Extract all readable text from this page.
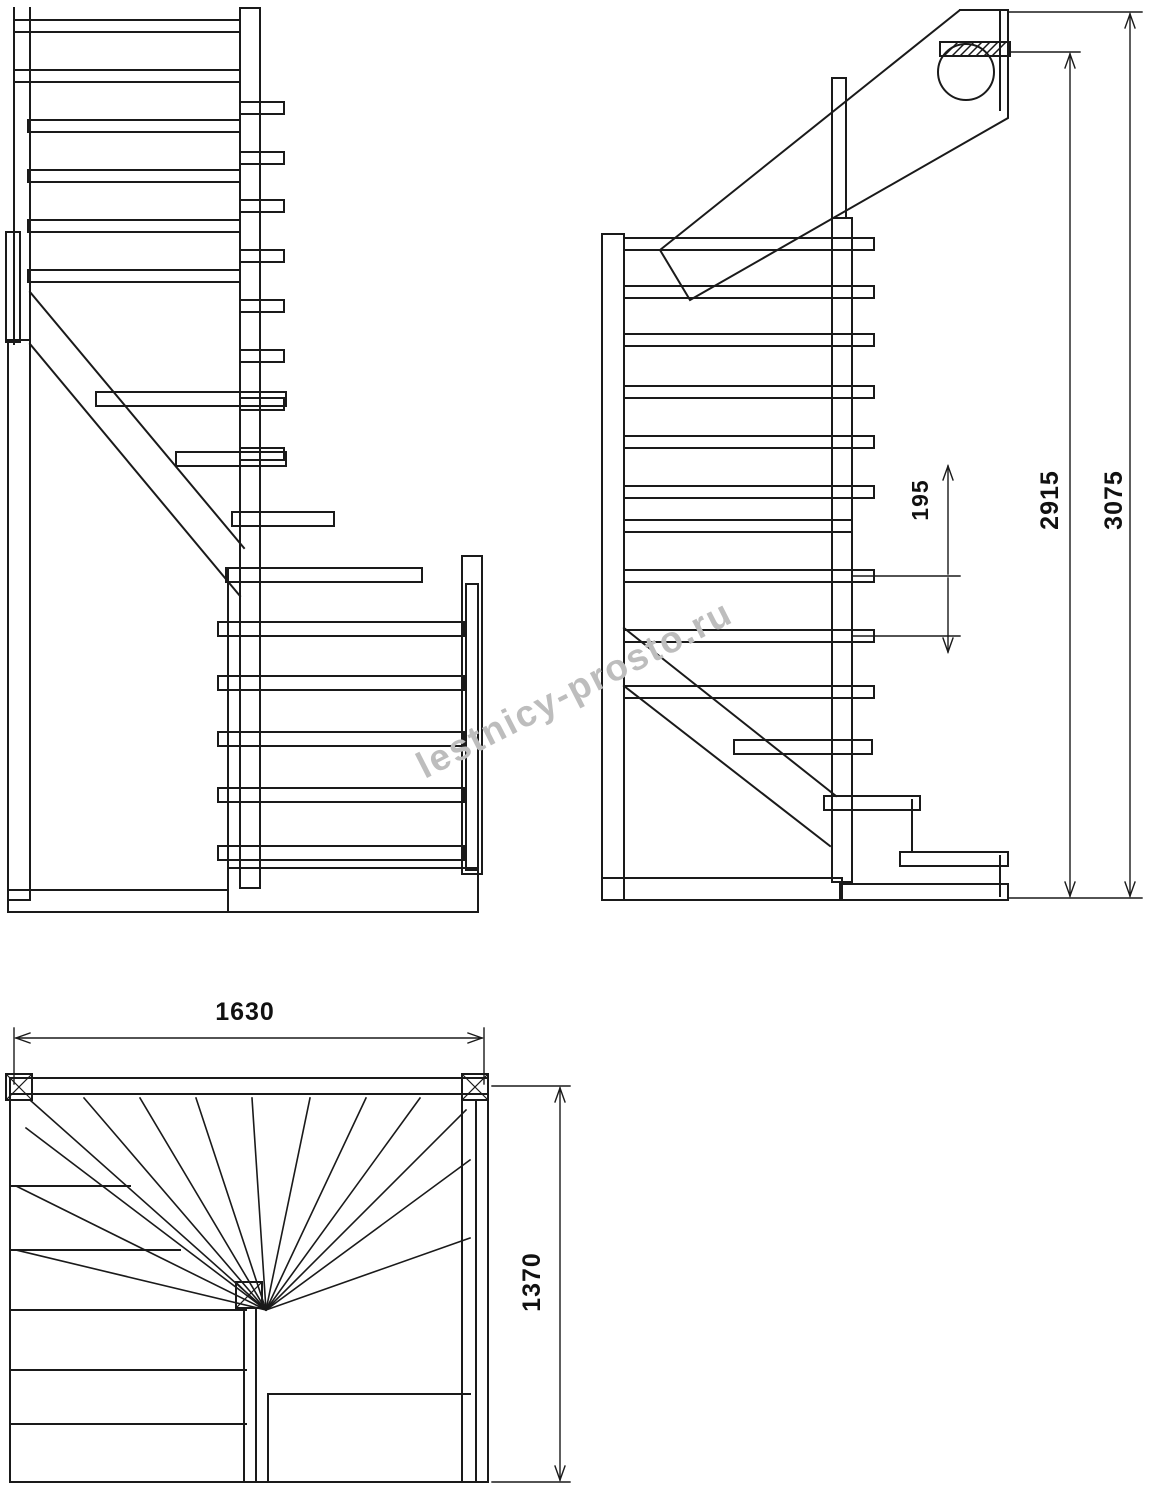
3075
2915
195
1630
1370
lestnicy-prosto.ru
